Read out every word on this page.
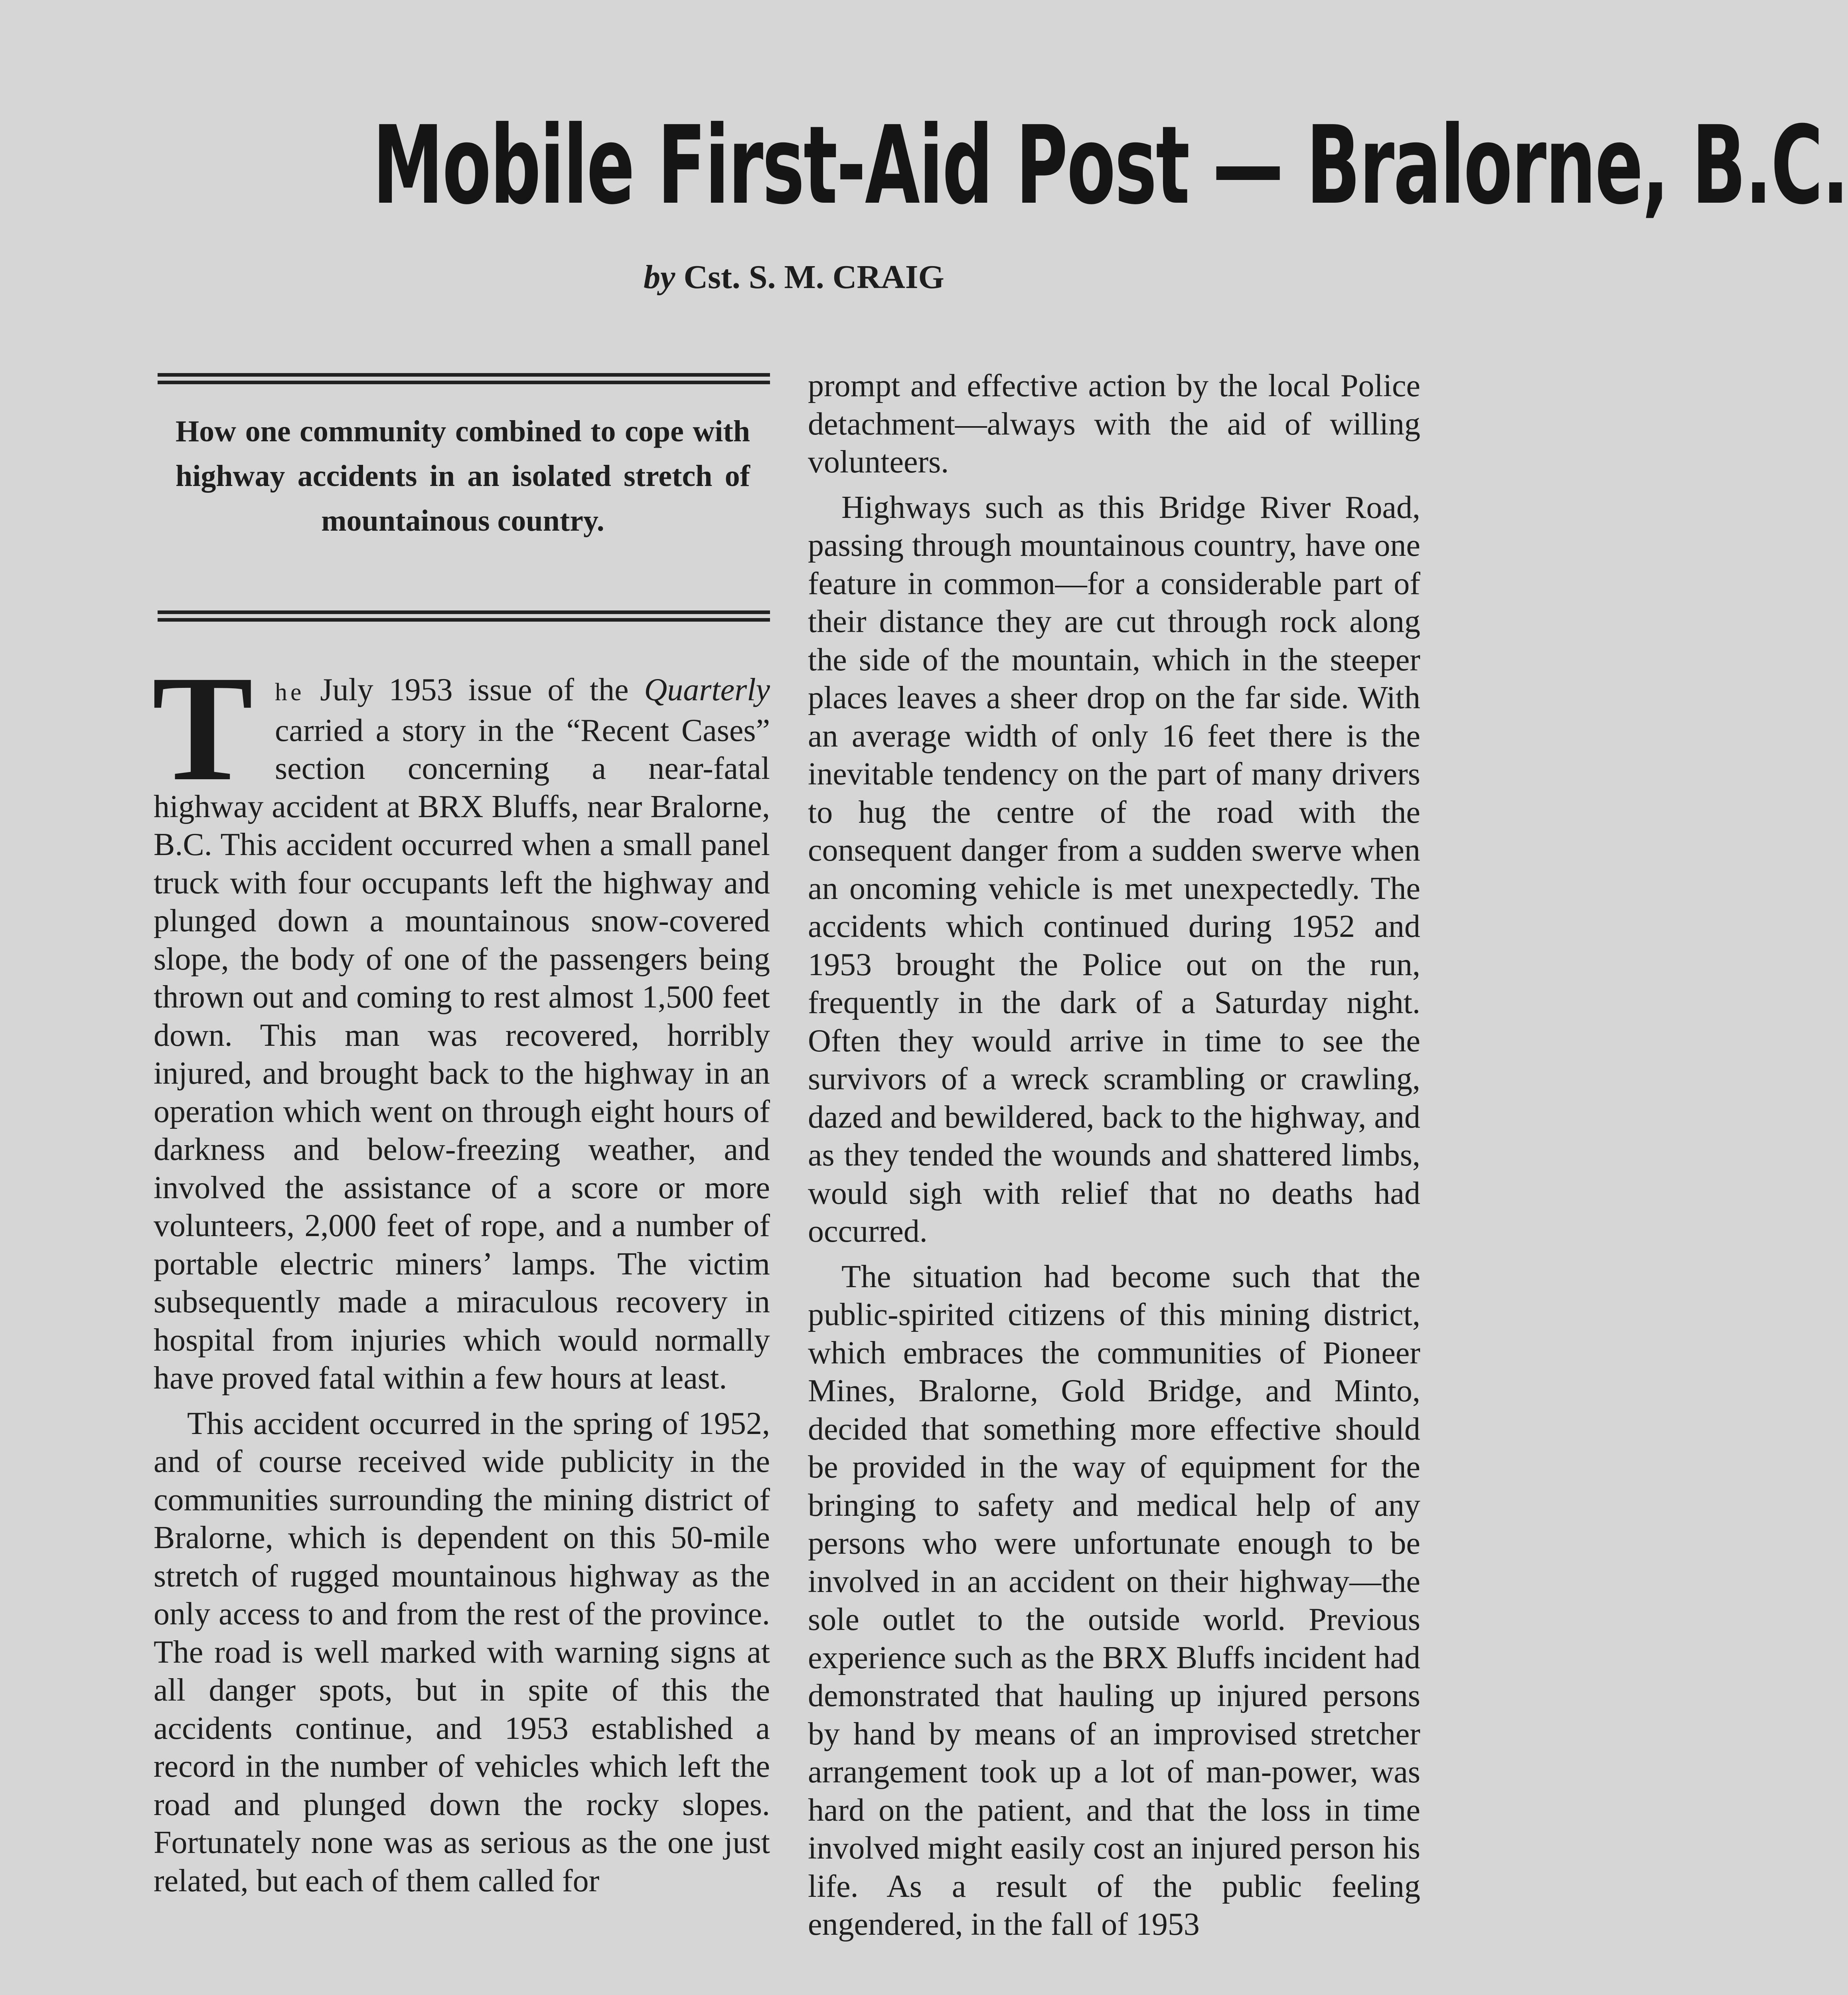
Mobile First-Aid Post — Bralorne, B.C.
by Cst. S. M. CRAIG
How one community combined to cope with highway accidents in an isolated stretch of mountainous country.

T he July 1953 issue of the Quarterly carried a story in the “Recent Cases” section concerning a near-fatal highway accident at BRX Bluffs, near Bralorne, B.C. This accident occurred when a small panel truck with four occupants left the highway and plunged down a mountainous snow-covered slope, the body of one of the passengers being thrown out and coming to rest almost 1,500 feet down. This man was recovered, horribly injured, and brought back to the highway in an operation which went on through eight hours of darkness and below-freezing weather, and involved the assistance of a score or more volunteers, 2,000 feet of rope, and a number of portable electric miners’ lamps. The victim subsequently made a miraculous recovery in hospital from injuries which would normally have proved fatal within a few hours at least.

This accident occurred in the spring of 1952, and of course received wide publicity in the communities surrounding the mining district of Bralorne, which is dependent on this 50-mile stretch of rugged mountainous highway as the only access to and from the rest of the province. The road is well marked with warning signs at all danger spots, but in spite of this the accidents continue, and 1953 established a record in the number of vehicles which left the road and plunged down the rocky slopes. Fortunately none was as serious as the one just related, but each of them called for

prompt and effective action by the local Police detachment—always with the aid of willing volunteers.

Highways such as this Bridge River Road, passing through mountainous country, have one feature in common—for a considerable part of their distance they are cut through rock along the side of the mountain, which in the steeper places leaves a sheer drop on the far side. With an average width of only 16 feet there is the inevitable tendency on the part of many drivers to hug the centre of the road with the consequent danger from a sudden swerve when an oncoming vehicle is met unexpectedly. The accidents which continued during 1952 and 1953 brought the Police out on the run, frequently in the dark of a Saturday night. Often they would arrive in time to see the survivors of a wreck scrambling or crawling, dazed and bewildered, back to the highway, and as they tended the wounds and shattered limbs, would sigh with relief that no deaths had occurred.

The situation had become such that the public-spirited citizens of this mining district, which embraces the communities of Pioneer Mines, Bralorne, Gold Bridge, and Minto, decided that something more effective should be provided in the way of equipment for the bringing to safety and medical help of any persons who were unfortunate enough to be involved in an accident on their highway—the sole outlet to the outside world. Previous experience such as the BRX Bluffs incident had demonstrated that hauling up injured persons by hand by means of an improvised stretcher arrangement took up a lot of man-power, was hard on the patient, and that the loss in time involved might easily cost an injured person his life. As a result of the public feeling engendered, in the fall of 1953
